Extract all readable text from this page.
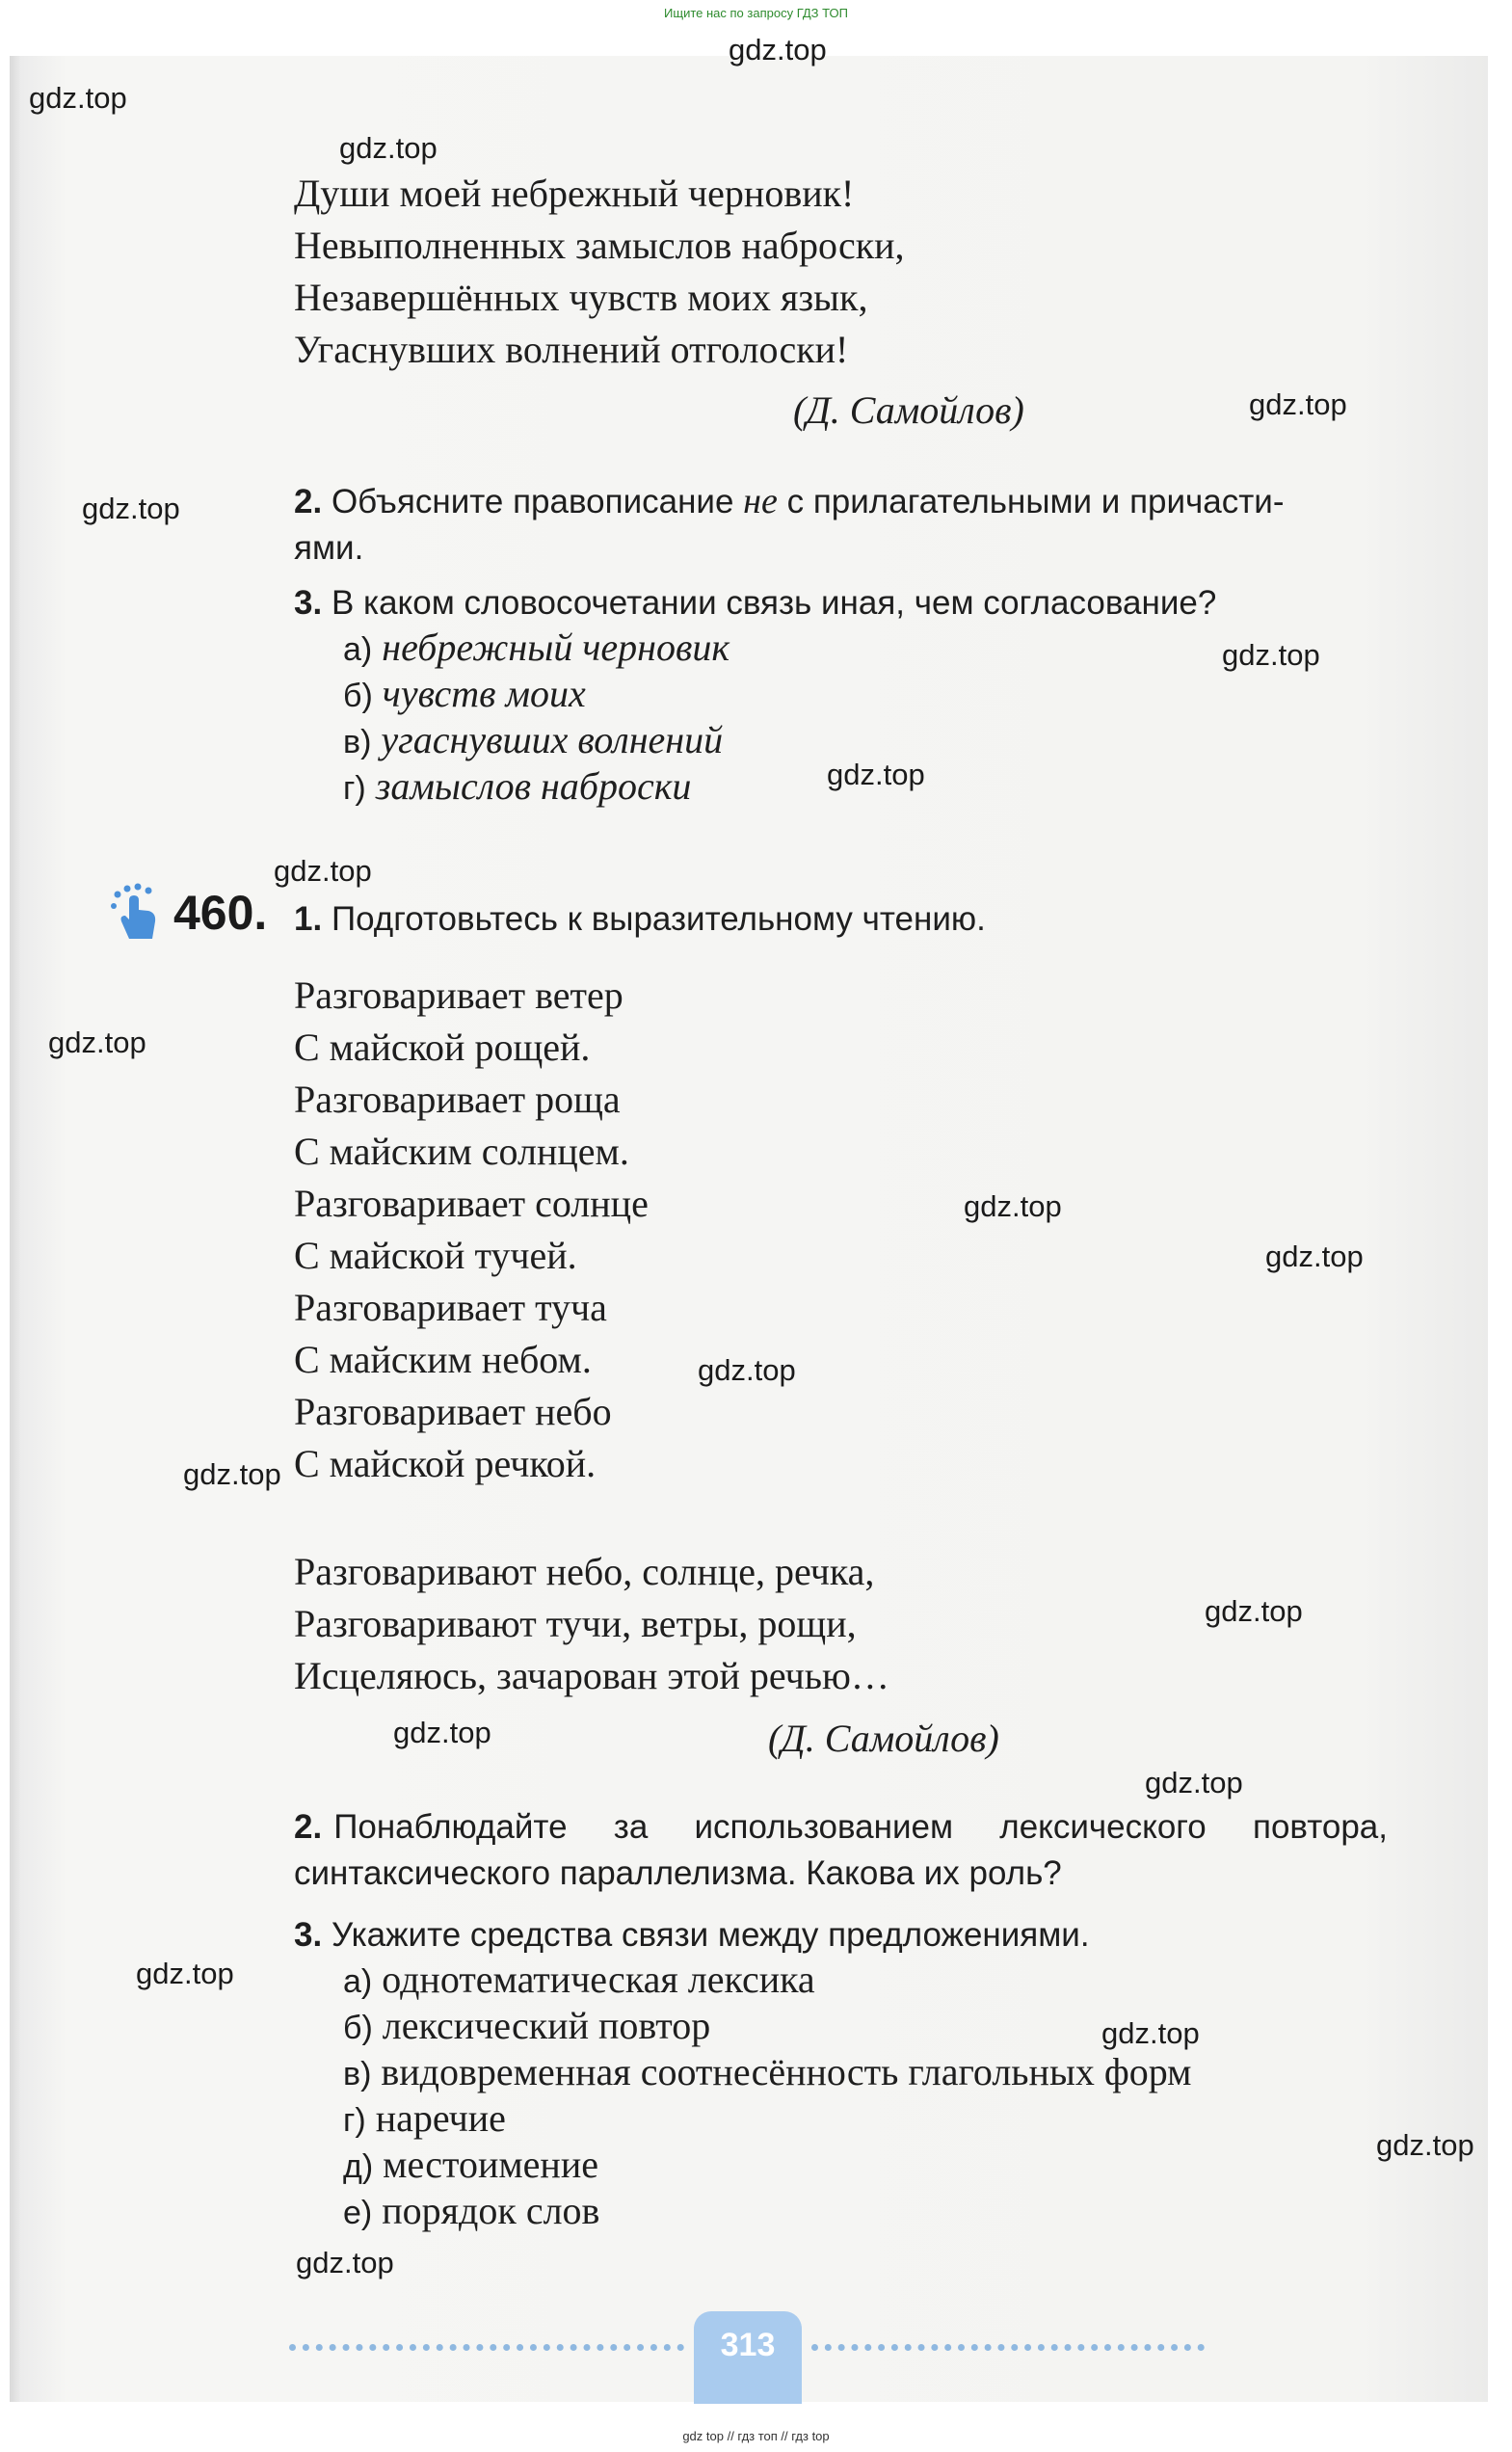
Ищите нас по запросу ГДЗ ТОП
gdz.top
gdz.top
gdz.top
gdz.top
gdz.top
gdz.top
gdz.top
gdz.top
gdz.top
gdz.top
gdz.top
gdz.top
gdz.top
gdz.top
gdz.top
gdz.top
gdz.top
gdz.top
gdz.top
gdz.top
Души моей небрежный черновик!
Невыполненных замыслов наброски,
Незавершённых чувств моих язык,
Угаснувших волнений отголоски!
(Д. Самойлов)
2. Объясните правописание не с прилагательными и причасти-
ями.
3. В каком словосочетании связь иная, чем согласование?
а) небрежный черновик
б) чувств моих
в) угаснувших волнений
г) замыслов наброски
460. 1. Подготовьтесь к выразительному чтению.
Разговаривает ветер
С майской рощей.
Разговаривает роща
С майским солнцем.
Разговаривает солнце
С майской тучей.
Разговаривает туча
С майским небом.
Разговаривает небо
С майской речкой.
Разговаривают небо, солнце, речка,
Разговаривают тучи, ветры, рощи,
Исцеляюсь, зачарован этой речью…
(Д. Самойлов)
2. Понаблюдайте за использованием лексического повтора,
синтаксического параллелизма. Какова их роль?
3. Укажите средства связи между предложениями.
а) однотематическая лексика
б) лексический повтор
в) видовременная соотнесённость глагольных форм
г) наречие
д) местоимение
е) порядок слов
313
gdz top // гдз топ // гдз top
